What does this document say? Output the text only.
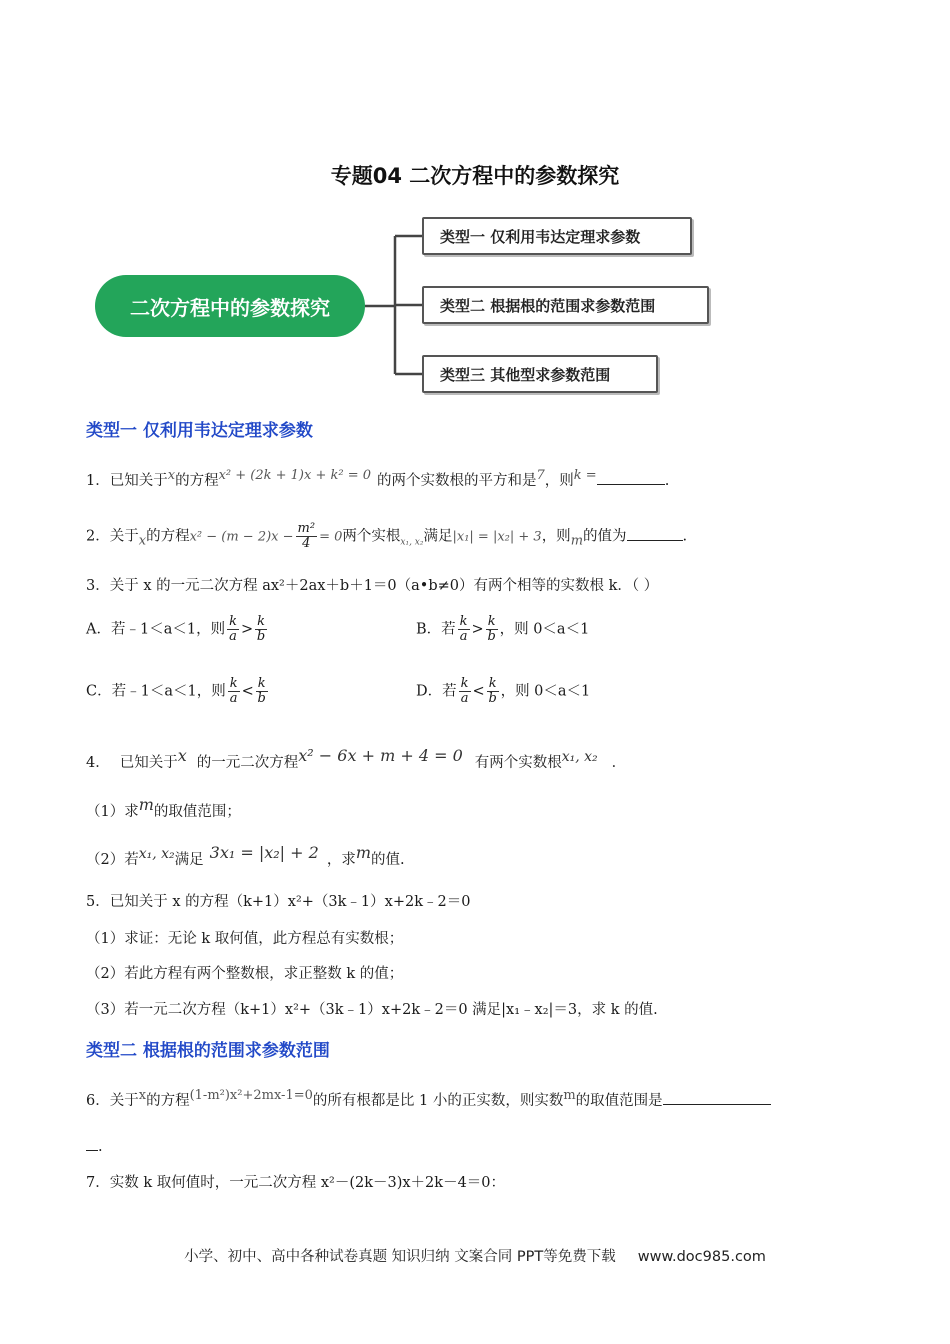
专题04 二次方程中的参数探究
二次方程中的参数探究
类型一 仅利用韦达定理求参数
类型二 根据根的范围求参数范围
类型三 其他型求参数范围
类型一 仅利用韦达定理求参数
1．已知关于$^x$的方程$^{x^2 + (2k + 1)x + k^2 = 0}$ 的两个实数根的平方和是$^7$，则$^{k =}$	.
2．关于$_x$的方程$x^2 - (m - 2)x - \frac{\text{m²}}{4} = 0$两个实根$_{x_1, x_2}$满足|x₁| = |x₂| + 3，则$_m$的值为	.
3．关于 x 的一元二次方程 ax²＋2ax＋b＋1＝0（a•b≠0）有两个相等的实数根 k．（ ）
A．若﹣1＜a＜1，则 $\frac{k}{a} > \frac{k}{b}$	B．若 $\frac{k}{a} > \frac{k}{b}$ ，则 0＜a＜1
C．若﹣1＜a＜1，则 $\frac{k}{a} < \frac{k}{b}$	D．若 $\frac{k}{a} < \frac{k}{b}$ ，则 0＜a＜1
4． 已知关于$^x$ 的一元二次方程$^{x^2 - 6x + m + 4 = 0}$ 有两个实数根$^{x_1, x_2}$ ．
（1）求$^m$的取值范围；
（2）若$^{x_1, x_2}$满足 $^{3x_1 = |x_2| + 2}$ ，求$^m$的值.
5．已知关于 x 的方程（k+1）x²+（3k﹣1）x+2k﹣2＝0
（1）求证：无论 k 取何值，此方程总有实数根；
（2）若此方程有两个整数根，求正整数 k 的值；
（3）若一元二次方程（k+1）x²+（3k﹣1）x+2k﹣2＝0 满足|x₁﹣x₂|＝3，求 k 的值.
类型二 根据根的范围求参数范围
6．关于$^x$的方程$^{(1-m^2)x^2+2mx-1=0}$的所有根都是比 1 小的正实数，则实数$^m$的取值范围是
.
7．实数 k 取何值时，一元二次方程 x²－(2k－3)x＋2k－4＝0：
小学、初中、高中各种试卷真题 知识归纳 文案合同 PPT等免费下载 www.doc985.com
